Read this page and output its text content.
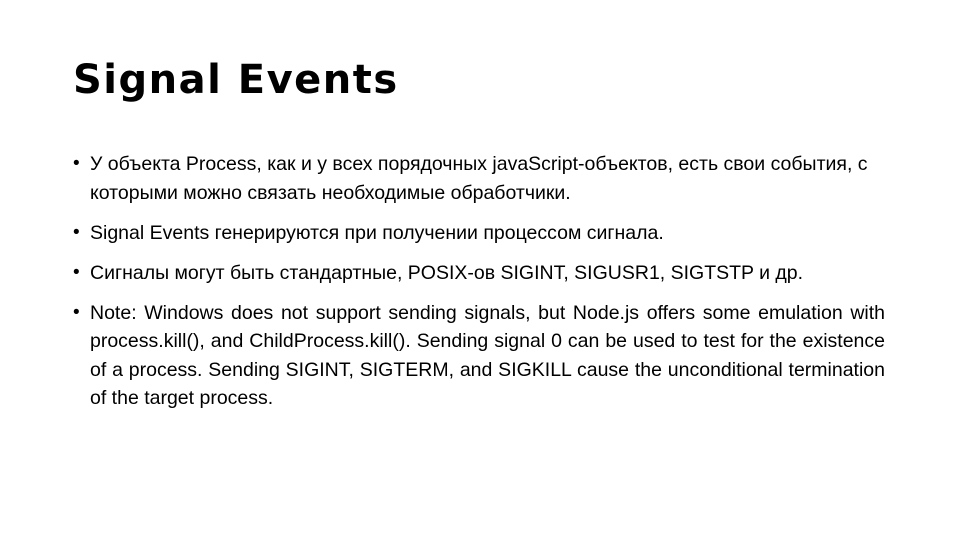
Signal Events
• У объекта Process, как и у всех порядочных javaScript-объектов, есть свои события, с которыми можно связать необходимые обработчики.
• Signal Events генерируются при получении процессом сигнала.
• Сигналы могут быть стандартные, POSIX-ов SIGINT, SIGUSR1, SIGTSTP и др.
• Note: Windows does not support sending signals, but Node.js offers some emulation with process.kill(), and ChildProcess.kill(). Sending signal 0 can be used to test for the existence of a process. Sending SIGINT, SIGTERM, and SIGKILL cause the unconditional termination of the target process.
